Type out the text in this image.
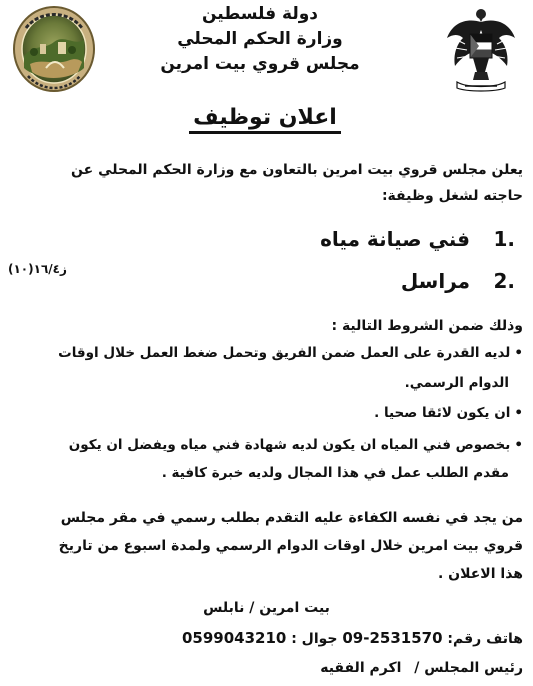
دولة فلسطين
وزارة الحكم المحلي
مجلس قروي بيت امرين
اعلان توظيف
يعلن مجلس قروي بيت امرين بالتعاون مع وزارة الحكم المحلي عن
حاجته لشغل وظيفة:
.1 فني صيانة مياه
.2 مراسل
ز١٦/٤(١٠)
وذلك ضمن الشروط التالية :
•لديه القدرة على العمل ضمن الفريق وتحمل ضغط العمل خلال اوقات
الدوام الرسمي.
•ان يكون لائقا صحيا .
•بخصوص فني المياه ان يكون لديه شهادة فني مياه ويفضل ان يكون
مقدم الطلب عمل في هذا المجال ولديه خبرة كافية .
من يجد في نفسه الكفاءة عليه التقدم بطلب رسمي في مقر مجلس
قروي بيت امرين خلال اوقات الدوام الرسمي ولمدة اسبوع من تاريخ
هذا الاعلان .
بيت امرين / نابلس
هاتف رقم: 09-2531570 جوال : 0599043210
رئيس المجلس / اكرم الفقيه
